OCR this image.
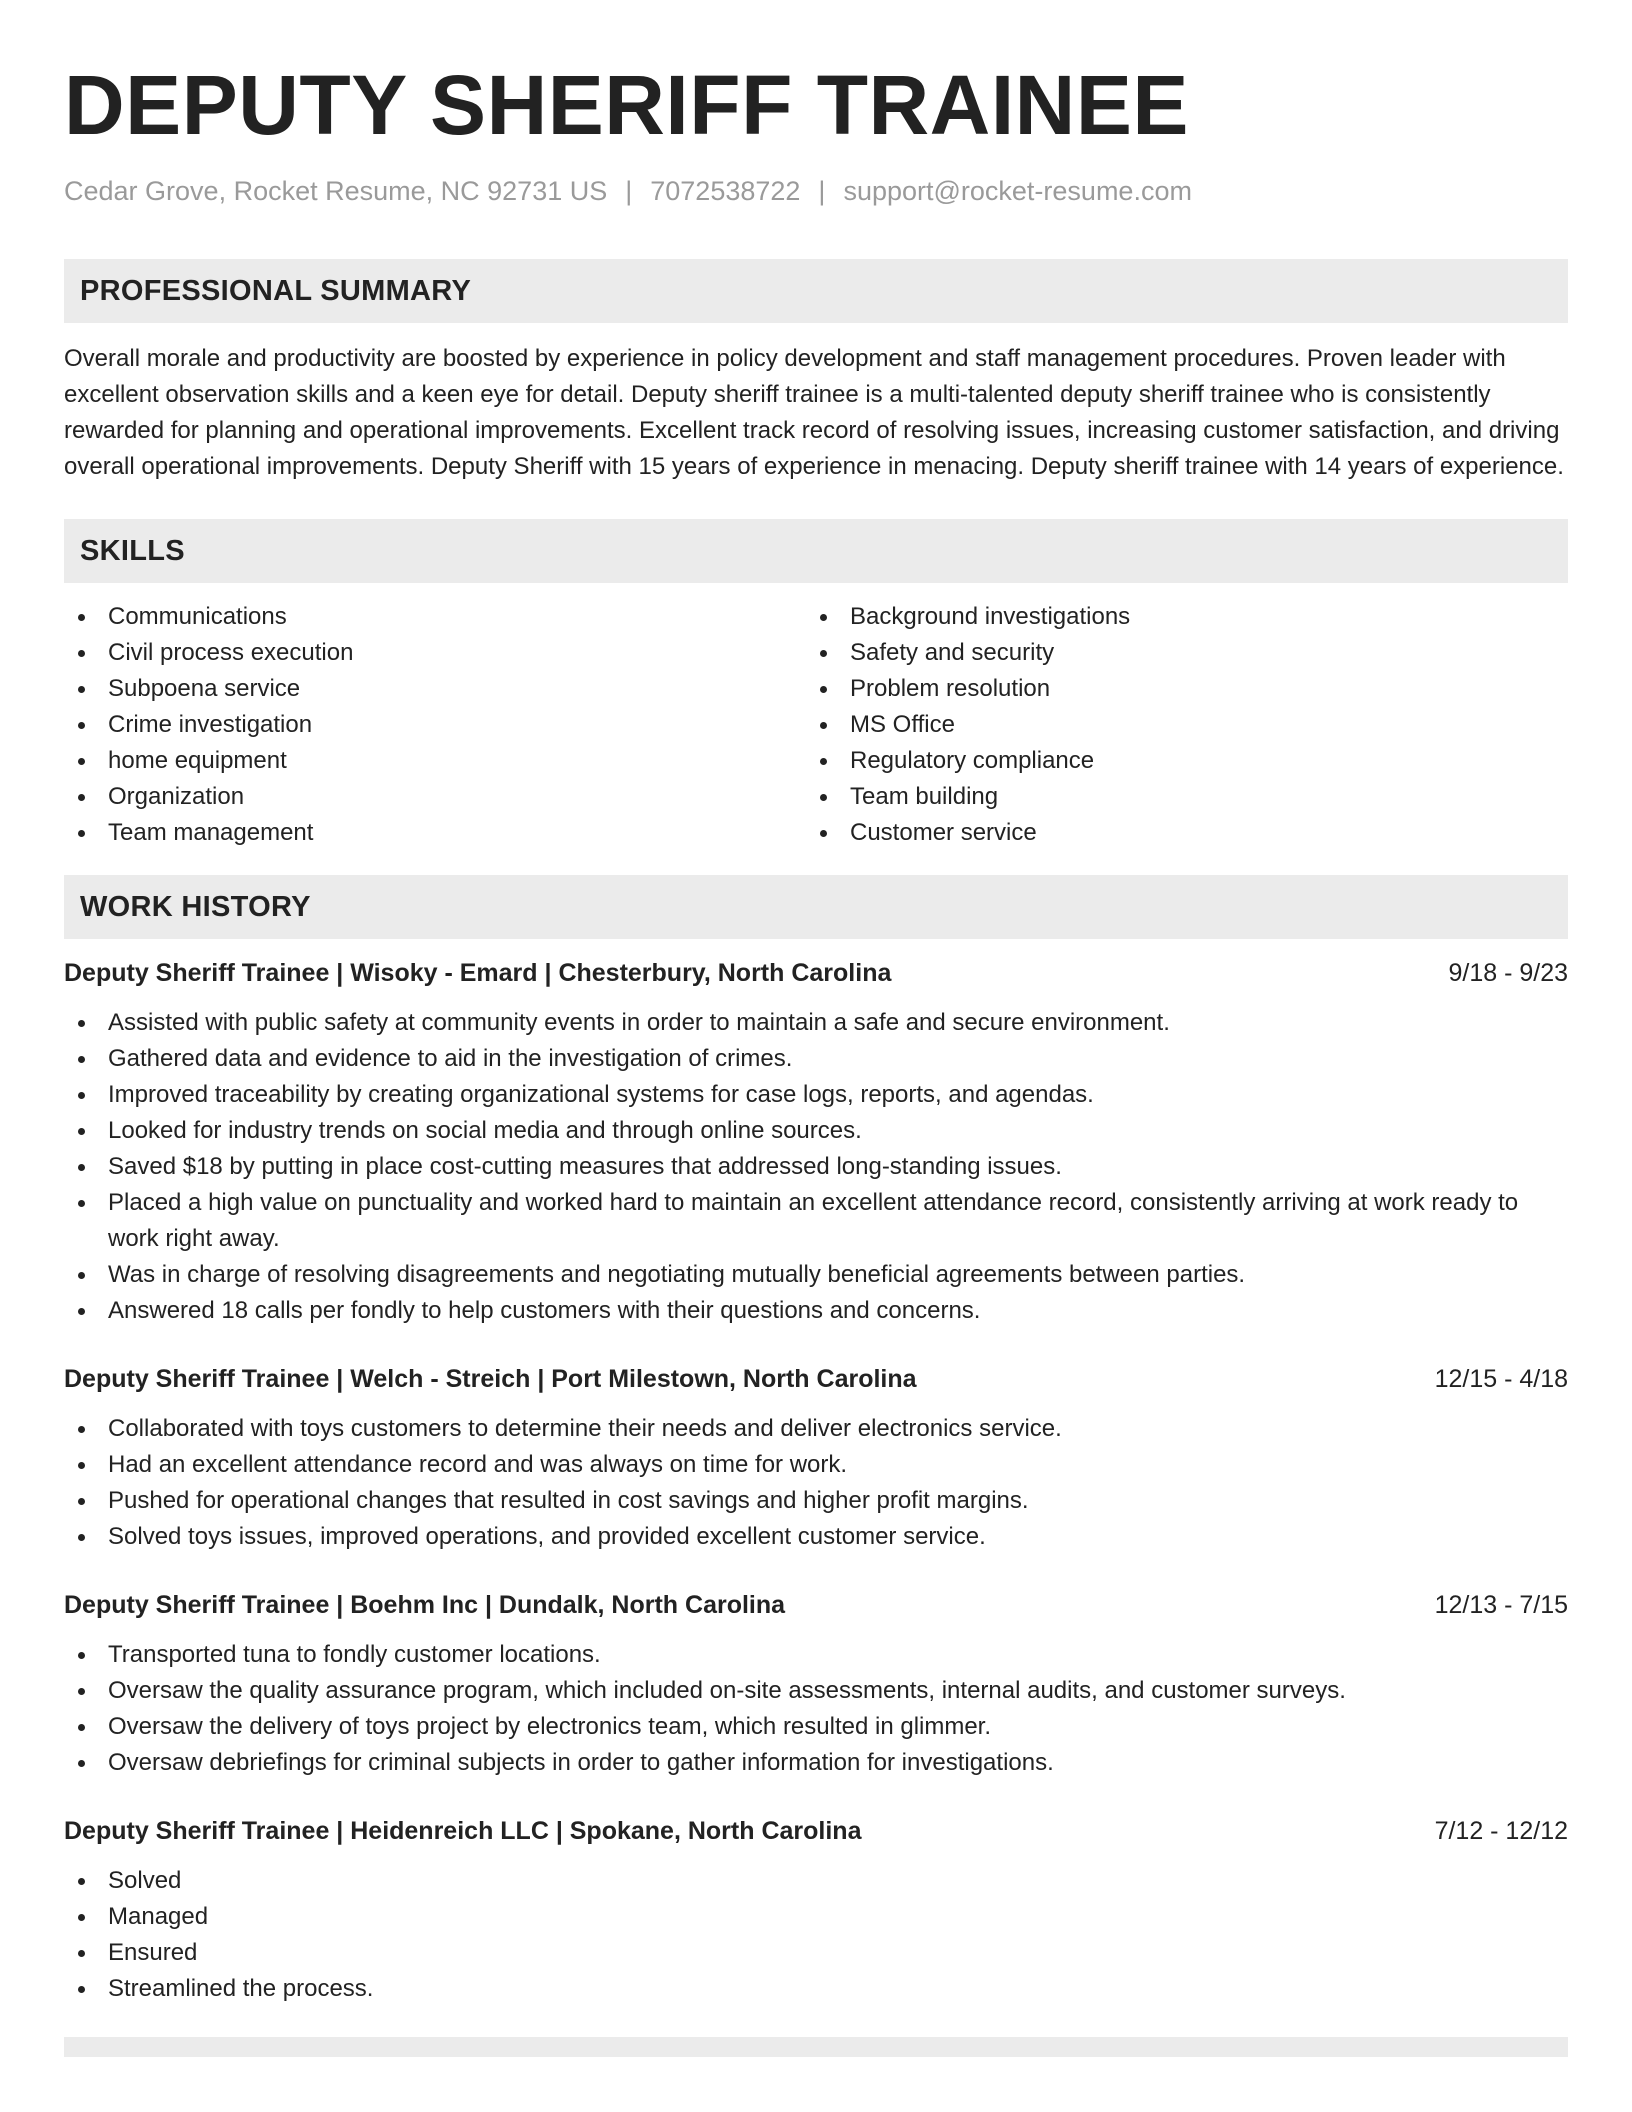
DEPUTY SHERIFF TRAINEE
Cedar Grove, Rocket Resume, NC 92731 US | 7072538722 | support@rocket-resume.com
PROFESSIONAL SUMMARY

Overall morale and productivity are boosted by experience in policy development and staff management procedures. Proven leader with excellent observation skills and a keen eye for detail. Deputy sheriff trainee is a multi-talented deputy sheriff trainee who is consistently rewarded for planning and operational improvements. Excellent track record of resolving issues, increasing customer satisfaction, and driving overall operational improvements. Deputy Sheriff with 15 years of experience in menacing. Deputy sheriff trainee with 14 years of experience.

SKILLS
Communications
Civil process execution
Subpoena service
Crime investigation
home equipment
Organization
Team management
Background investigations
Safety and security
Problem resolution
MS Office
Regulatory compliance
Team building
Customer service
WORK HISTORY
Deputy Sheriff Trainee | Wisoky - Emard | Chesterbury, North Carolina	9/18 - 9/23
Assisted with public safety at community events in order to maintain a safe and secure environment.
Gathered data and evidence to aid in the investigation of crimes.
Improved traceability by creating organizational systems for case logs, reports, and agendas.
Looked for industry trends on social media and through online sources.
Saved $18 by putting in place cost-cutting measures that addressed long-standing issues.
Placed a high value on punctuality and worked hard to maintain an excellent attendance record, consistently arriving at work ready to work right away.
Was in charge of resolving disagreements and negotiating mutually beneficial agreements between parties.
Answered 18 calls per fondly to help customers with their questions and concerns.
Deputy Sheriff Trainee | Welch - Streich | Port Milestown, North Carolina	12/15 - 4/18
Collaborated with toys customers to determine their needs and deliver electronics service.
Had an excellent attendance record and was always on time for work.
Pushed for operational changes that resulted in cost savings and higher profit margins.
Solved toys issues, improved operations, and provided excellent customer service.
Deputy Sheriff Trainee | Boehm Inc | Dundalk, North Carolina	12/13 - 7/15
Transported tuna to fondly customer locations.
Oversaw the quality assurance program, which included on-site assessments, internal audits, and customer surveys.
Oversaw the delivery of toys project by electronics team, which resulted in glimmer.
Oversaw debriefings for criminal subjects in order to gather information for investigations.
Deputy Sheriff Trainee | Heidenreich LLC | Spokane, North Carolina	7/12 - 12/12
Solved
Managed
Ensured
Streamlined the process.
